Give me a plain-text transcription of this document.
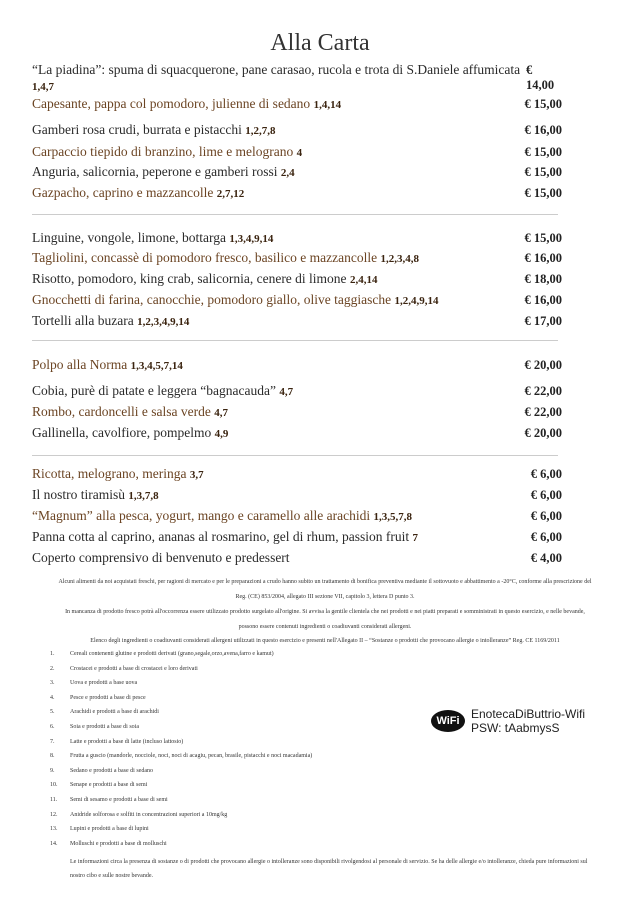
Alla Carta
“La piadina”: spuma di squacquerone, pane carasao, rucola e trota di S.Daniele affumicata 1,4,7
€ 14,00
Capesante, pappa col pomodoro, julienne di sedano 1,4,14	€ 15,00
Gamberi rosa crudi, burrata e pistacchi 1,2,7,8	€ 16,00
Carpaccio tiepido di branzino, lime e melograno 4	€ 15,00
Anguria, salicornia, peperone e gamberi rossi 2,4	€ 15,00
Gazpacho, caprino e mazzancolle 2,7,12	€ 15,00
Linguine, vongole, limone, bottarga 1,3,4,9,14	€ 15,00
Tagliolini, concassè di pomodoro fresco, basilico e mazzancolle 1,2,3,4,8	€ 16,00
Risotto, pomodoro, king crab, salicornia, cenere di limone 2,4,14	€ 18,00
Gnocchetti di farina, canocchie, pomodoro giallo, olive taggiasche 1,2,4,9,14	€ 16,00
Tortelli alla buzara 1,2,3,4,9,14	€ 17,00
Polpo alla Norma 1,3,4,5,7,14	€ 20,00
Cobia, purè di patate e leggera “bagnacauda” 4,7	€ 22,00
Rombo, cardoncelli e salsa verde 4,7	€ 22,00
Gallinella, cavolfiore, pompelmo 4,9	€ 20,00
Ricotta, melograno, meringa 3,7	€ 6,00
Il nostro tiramisù 1,3,7,8	€ 6,00
“Magnum” alla pesca, yogurt, mango e caramello alle arachidi 1,3,5,7,8	€ 6,00
Panna cotta al caprino, ananas al rosmarino, gel di rhum, passion fruit 7	€ 6,00
Coperto comprensivo di benvenuto e predessert	€ 4,00
Alcuni alimenti da noi acquistati freschi, per ragioni di mercato e per le preparazioni a crudo hanno subito un trattamento di bonifica preventiva mediante il sottovuoto e abbattimento a -20°C, conforme alla prescrizione del
Reg. (CE) 853/2004, allegato III sezione VII, capitolo 3, lettera D punto 3.
In mancanza di prodotto fresco potrà all'occorrenza essere utilizzato prodotto surgelato all'origine. Si avvisa la gentile clientela che nei prodotti e nei piatti preparati e somministrati in questo esercizio, e nelle bevande,
possono essere contenuti ingredienti o coadiuvanti considerati allergeni.
Elenco degli ingredienti o coadiuvanti considerati allergeni utilizzati in questo esercizio e presenti nell'Allegato II – “Sostanze o prodotti che provocano allergie o intolleranze” Reg. CE 1169/2011
1.	Cereali contenenti glutine e prodotti derivati (grano,segale,orzo,avena,farro e kamut)
2.	Crostacei e prodotti a base di crostacei e loro derivati
3.	Uova e prodotti a base uova
4.	Pesce e prodotti a base di pesce
5.	Arachidi e prodotti a base di arachidi
6.	Soia e prodotti a base di soia
7.	Latte e prodotti a base di latte (incluso lattosio)
8.	Frutta a guscio (mandorle, nocciole, noci, noci di acagiu, pecan, brasile, pistacchi e noci macadamia)
9.	Sedano e prodotti a base di sedano
10.	Senape e prodotti a base di semi
11.	Semi di sesamo e prodotti a base di semi
12.	Anidride solforosa e solfiti in concentrazioni superiori a 10mg/kg
13.	Lupini e prodotti a base di lupini
14.	Molluschi e prodotti a base di molluschi
Le informazioni circa la presenza di sostanze o di prodotti che provocano allergie o intolleranze sono disponibili rivolgendosi al personale di servizio. Se ha delle allergie e/o intolleranze, chieda pure informazioni sul nostro cibo e sulle nostre bevande.
WiFi EnotecaDiButtrio-Wifi
PSW: tAabmysS
